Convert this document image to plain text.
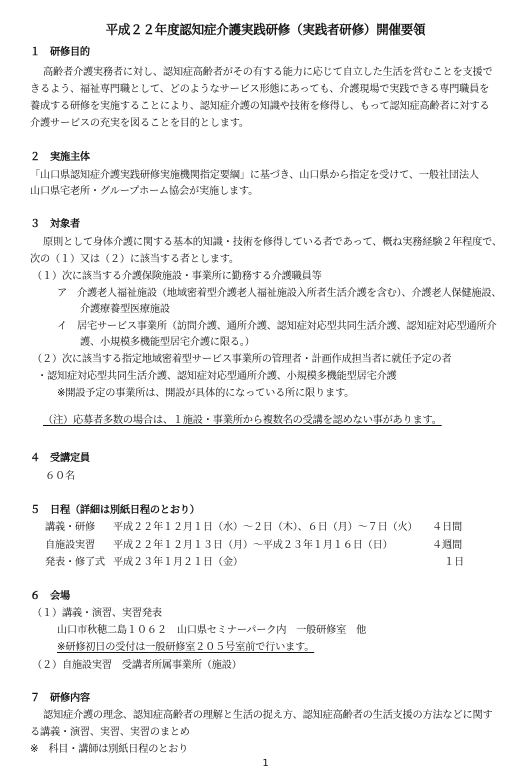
平成２２年度認知症介護実践研修（実践者研修）開催要領
１　研修目的
高齢者介護実務者に対し、認知症高齢者がその有する能力に応じて自立した生活を営むことを支援で
きるよう、福祉専門職として、どのようなサービス形態にあっても、介護現場で実践できる専門職員を
養成する研修を実施することにより、認知症介護の知識や技術を修得し、もって認知症高齢者に対する
介護サービスの充実を図ることを目的とします。
２　実施主体
「山口県認知症介護実践研修実施機関指定要綱」に基づき、山口県から指定を受けて、一般社団法人
山口県宅老所・グループホーム協会が実施します。
３　対象者
原則として身体介護に関する基本的知識・技術を修得している者であって、概ね実務経験２年程度で、
次の（１）又は（２）に該当する者とします。
（１）次に該当する介護保険施設・事業所に勤務する介護職員等
ア　介護老人福祉施設（地域密着型介護老人福祉施設入所者生活介護を含む）、介護老人保健施設、
介護療養型医療施設
イ　居宅サービス事業所（訪問介護、通所介護、認知症対応型共同生活介護、認知症対応型通所介
護、小規模多機能型居宅介護に限る。）
（２）次に該当する指定地域密着型サービス事業所の管理者・計画作成担当者に就任予定の者
・認知症対応型共同生活介護、認知症対応型通所介護、小規模多機能型居宅介護
※開設予定の事業所は、開設が具体的になっている所に限ります。
（注）応募者多数の場合は、１施設・事業所から複数名の受講を認めない事があります。
４　受講定員
６０名
５　日程（詳細は別紙日程のとおり）
講義・研修 平成２２年１２月１日（水）～２日（木）、６日（月）～７日（火） ４日間
自施設実習 平成２２年１２月１３日（月）～平成２３年１月１６日（日）	４週間
発表・修了式 平成２３年１月２１日（金）	１日
６　会場
（１）講義・演習、実習発表
山口市秋穂二島１０６２　山口県セミナーパーク内　一般研修室　他
※研修初日の受付は一般研修室２０５号室前で行います。
（２）自施設実習　受講者所属事業所（施設）
７　研修内容
認知症介護の理念、認知症高齢者の理解と生活の捉え方、認知症高齢者の生活支援の方法などに関す
る講義・演習、実習、実習のまとめ
※　科目・講師は別紙日程のとおり
1
